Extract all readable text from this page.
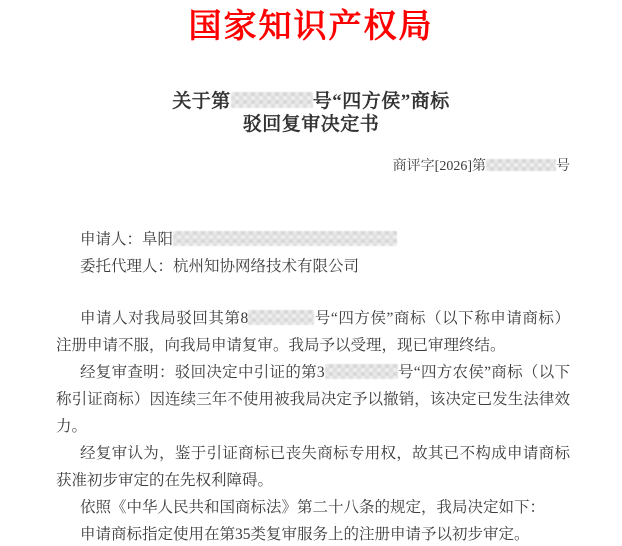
国家知识产权局
关于第	号“四方侯”商标
驳回复审决定书
商评字[2026]第	号

申请人：阜阳

委托代理人：杭州知协网络技术有限公司

申请人对我局驳回其第8	号“四方侯”商标（以下称申请商标）注册申请不服，向我局申请复审。我局予以受理，现已审理终结。

经复审查明：驳回决定中引证的第3	号“四方农侯”商标（以下称引证商标）因连续三年不使用被我局决定予以撤销，该决定已发生法律效力。

经复审认为，鉴于引证商标已丧失商标专用权，故其已不构成申请商标获准初步审定的在先权利障碍。

依照《中华人民共和国商标法》第二十八条的规定，我局决定如下：

申请商标指定使用在第35类复审服务上的注册申请予以初步审定。
